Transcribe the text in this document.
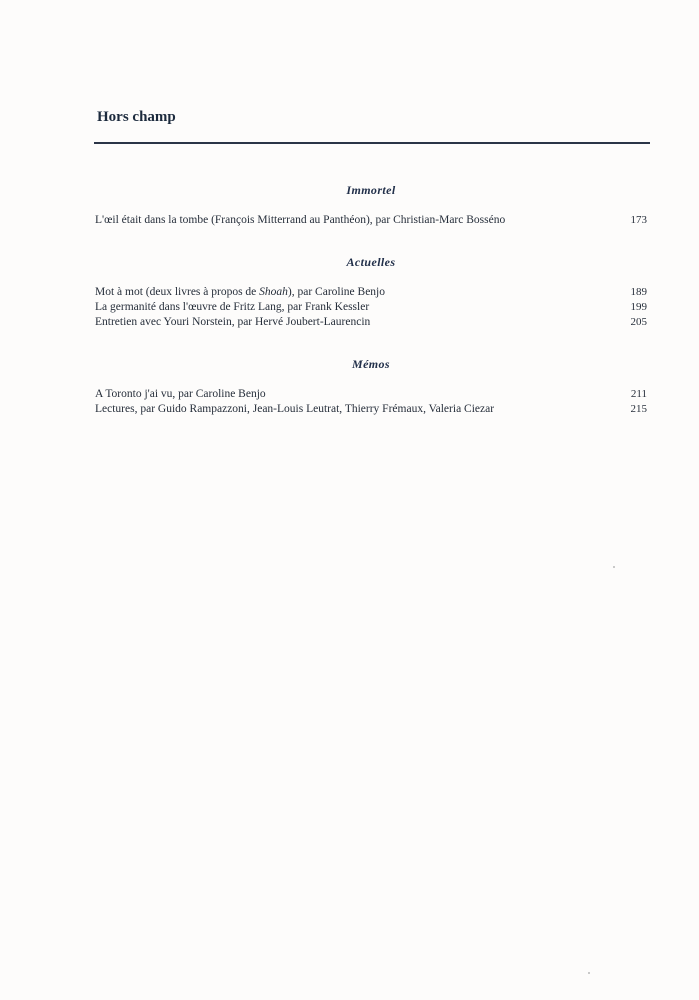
Hors champ
Immortel
L'œil était dans la tombe (François Mitterrand au Panthéon), par Christian-Marc Bosséno	173
Actuelles
Mot à mot (deux livres à propos de Shoah), par Caroline Benjo	189
La germanité dans l'œuvre de Fritz Lang, par Frank Kessler	199
Entretien avec Youri Norstein, par Hervé Joubert-Laurencin	205
Mémos
A Toronto j'ai vu, par Caroline Benjo	211
Lectures, par Guido Rampazzoni, Jean-Louis Leutrat, Thierry Frémaux, Valeria Ciezar	215
